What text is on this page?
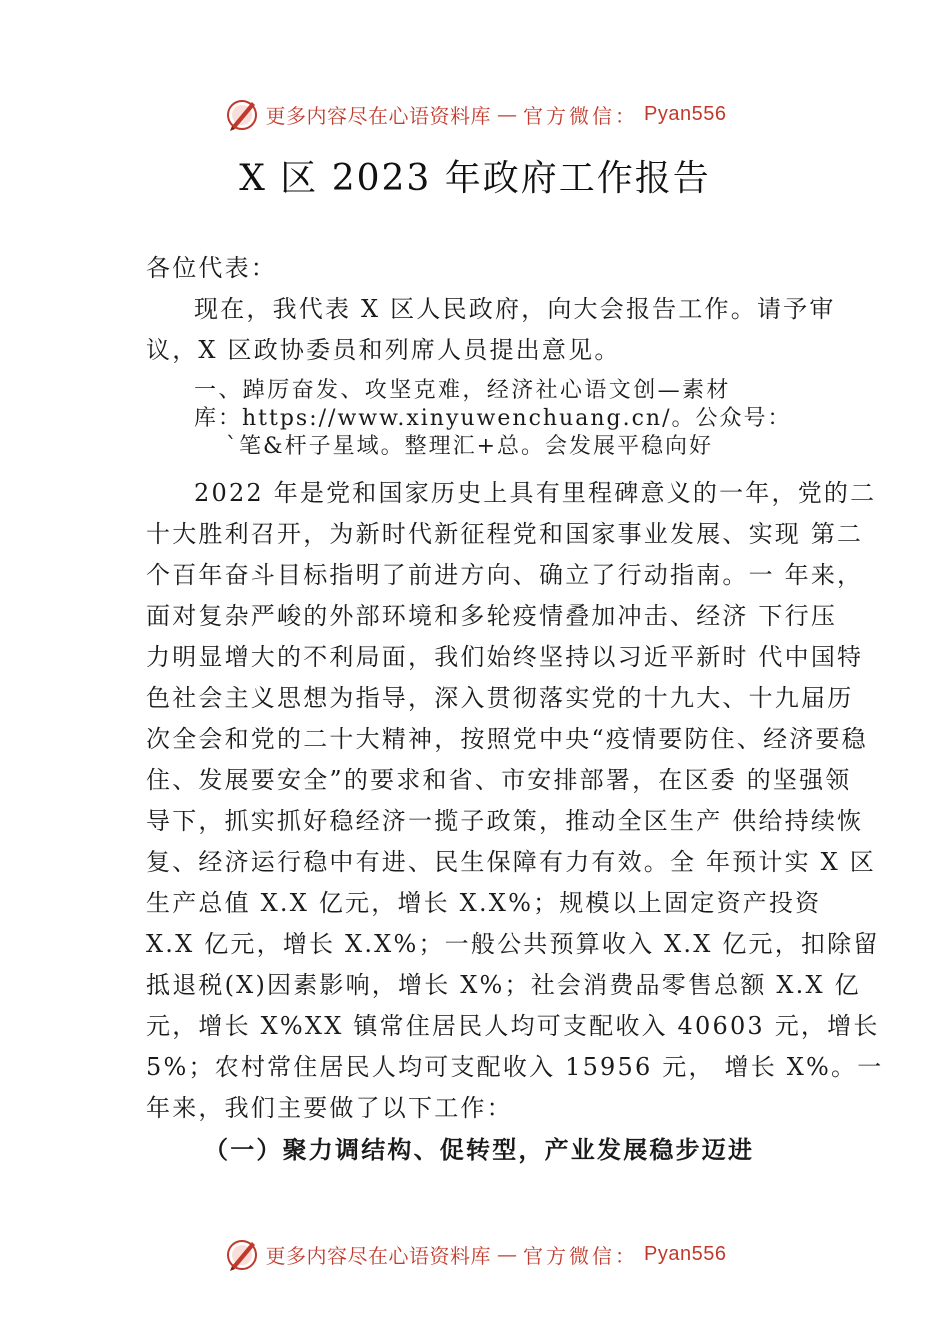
更多内容尽在心语资料库 — 官方微信： Pyan556
X 区 2023 年政府工作报告
各位代表：
现在，我代表 X 区人民政府，向大会报告工作。请予审
议，X 区政协委员和列席人员提出意见。
一、踔厉奋发、攻坚克难，经济社心语文创—素材
库：https://www.xinyuwenchuang.cn/。公众号：
`笔&杆子星域。整理汇+总。会发展平稳向好
2022 年是党和国家历史上具有里程碑意义的一年，党的二
十大胜利召开，为新时代新征程党和国家事业发展、实现 第二
个百年奋斗目标指明了前进方向、确立了行动指南。一 年来，
面对复杂严峻的外部环境和多轮疫情叠加冲击、经济 下行压
力明显增大的不利局面，我们始终坚持以习近平新时 代中国特
色社会主义思想为指导，深入贯彻落实党的十九大、十九届历
次全会和党的二十大精神，按照党中央“疫情要防住、经济要稳
住、发展要安全”的要求和省、市安排部署，在区委 的坚强领
导下，抓实抓好稳经济一揽子政策，推动全区生产 供给持续恢
复、经济运行稳中有进、民生保障有力有效。全 年预计实 X 区
生产总值 X.X 亿元，增长 X.X%；规模以上固定资产投资
X.X 亿元，增长 X.X%；一般公共预算收入 X.X 亿元，扣除留
抵退税(X)因素影响，增长 X%；社会消费品零售总额 X.X 亿
元，增长 X%XX 镇常住居民人均可支配收入 40603 元，增长
5%；农村常住居民人均可支配收入 15956 元， 增长 X%。一
年来，我们主要做了以下工作：
（一）聚力调结构、促转型，产业发展稳步迈进
更多内容尽在心语资料库 — 官方微信： Pyan556
